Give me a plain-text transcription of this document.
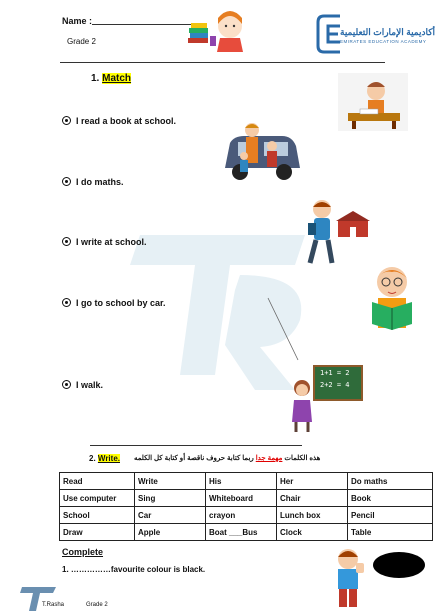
Name :
Grade 2
أكاديمية الإمارات التعليمية
EMIRATES EDUCATION ACADEMY
1. Match
I read a book at school.
I do maths.
I write at school.
I go to school by car.
I walk.
1+1 = 2
2+2 = 4
2. Write.	هذه الكلمات مهمة جدا ربما كتابة حروف ناقصة أو كتابة كل الكلمه
Read	Write	His	Her	Do maths
Use computer	Sing	Whiteboard	Chair	Book
School	Car	crayon	Lunch box	Pencil
Draw	Apple	Boat ___Bus	Clock	Table
Complete
1. ……………favourite colour is black.
T.Rasha	Grade 2
